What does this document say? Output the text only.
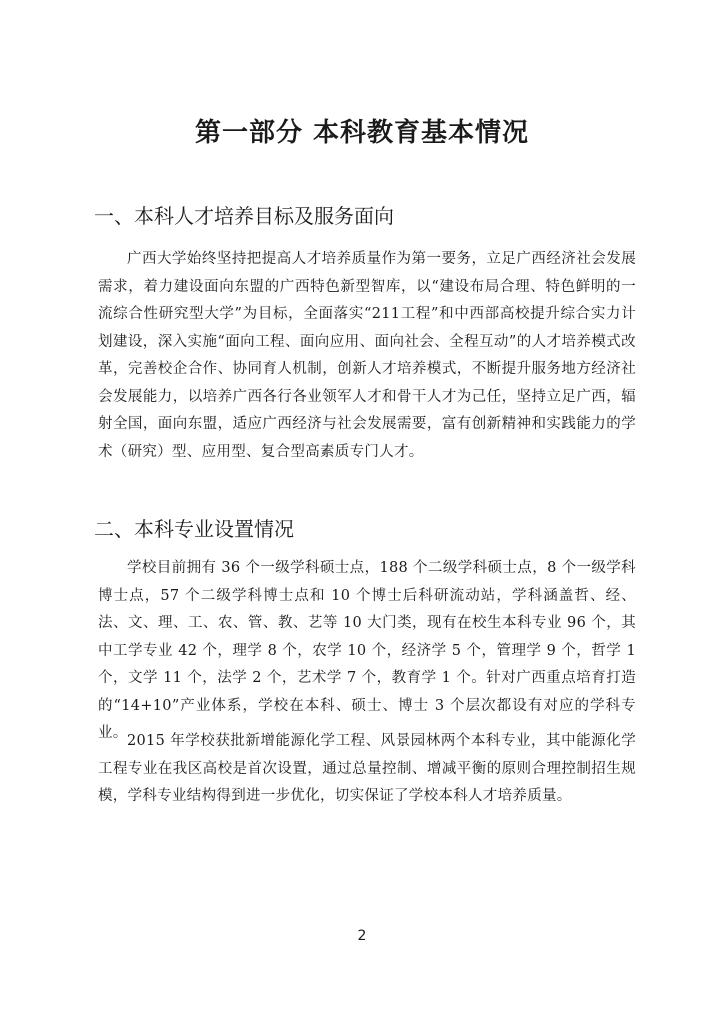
第一部分 本科教育基本情况
一、本科人才培养目标及服务面向

广西大学始终坚持把提高人才培养质量作为第一要务，立足广西经济社会发展需求，着力建设面向东盟的广西特色新型智库，以“建设布局合理、特色鲜明的一流综合性研究型大学”为目标，全面落实“211工程”和中西部高校提升综合实力计划建设，深入实施“面向工程、面向应用、面向社会、全程互动”的人才培养模式改革，完善校企合作、协同育人机制，创新人才培养模式，不断提升服务地方经济社会发展能力，以培养广西各行各业领军人才和骨干人才为己任，坚持立足广西，辐射全国，面向东盟，适应广西经济与社会发展需要，富有创新精神和实践能力的学术（研究）型、应用型、复合型高素质专门人才。

二、本科专业设置情况

学校目前拥有 36 个一级学科硕士点，188 个二级学科硕士点，8 个一级学科博士点，57 个二级学科博士点和 10 个博士后科研流动站，学科涵盖哲、经、法、文、理、工、农、管、教、艺等 10 大门类，现有在校生本科专业 96 个，其中工学专业 42 个，理学 8 个，农学 10 个，经济学 5 个，管理学 9 个，哲学 1 个，文学 11 个，法学 2 个，艺术学 7 个，教育学 1 个。针对广西重点培育打造的“14+10”产业体系，学校在本科、硕士、博士 3 个层次都设有对应的学科专业。 2015 年学校获批新增能源化学工程、风景园林两个本科专业，其中能源化学工程专业在我区高校是首次设置，通过总量控制、增减平衡的原则合理控制招生规模，学科专业结构得到进一步优化，切实保证了学校本科人才培养质量。

2
